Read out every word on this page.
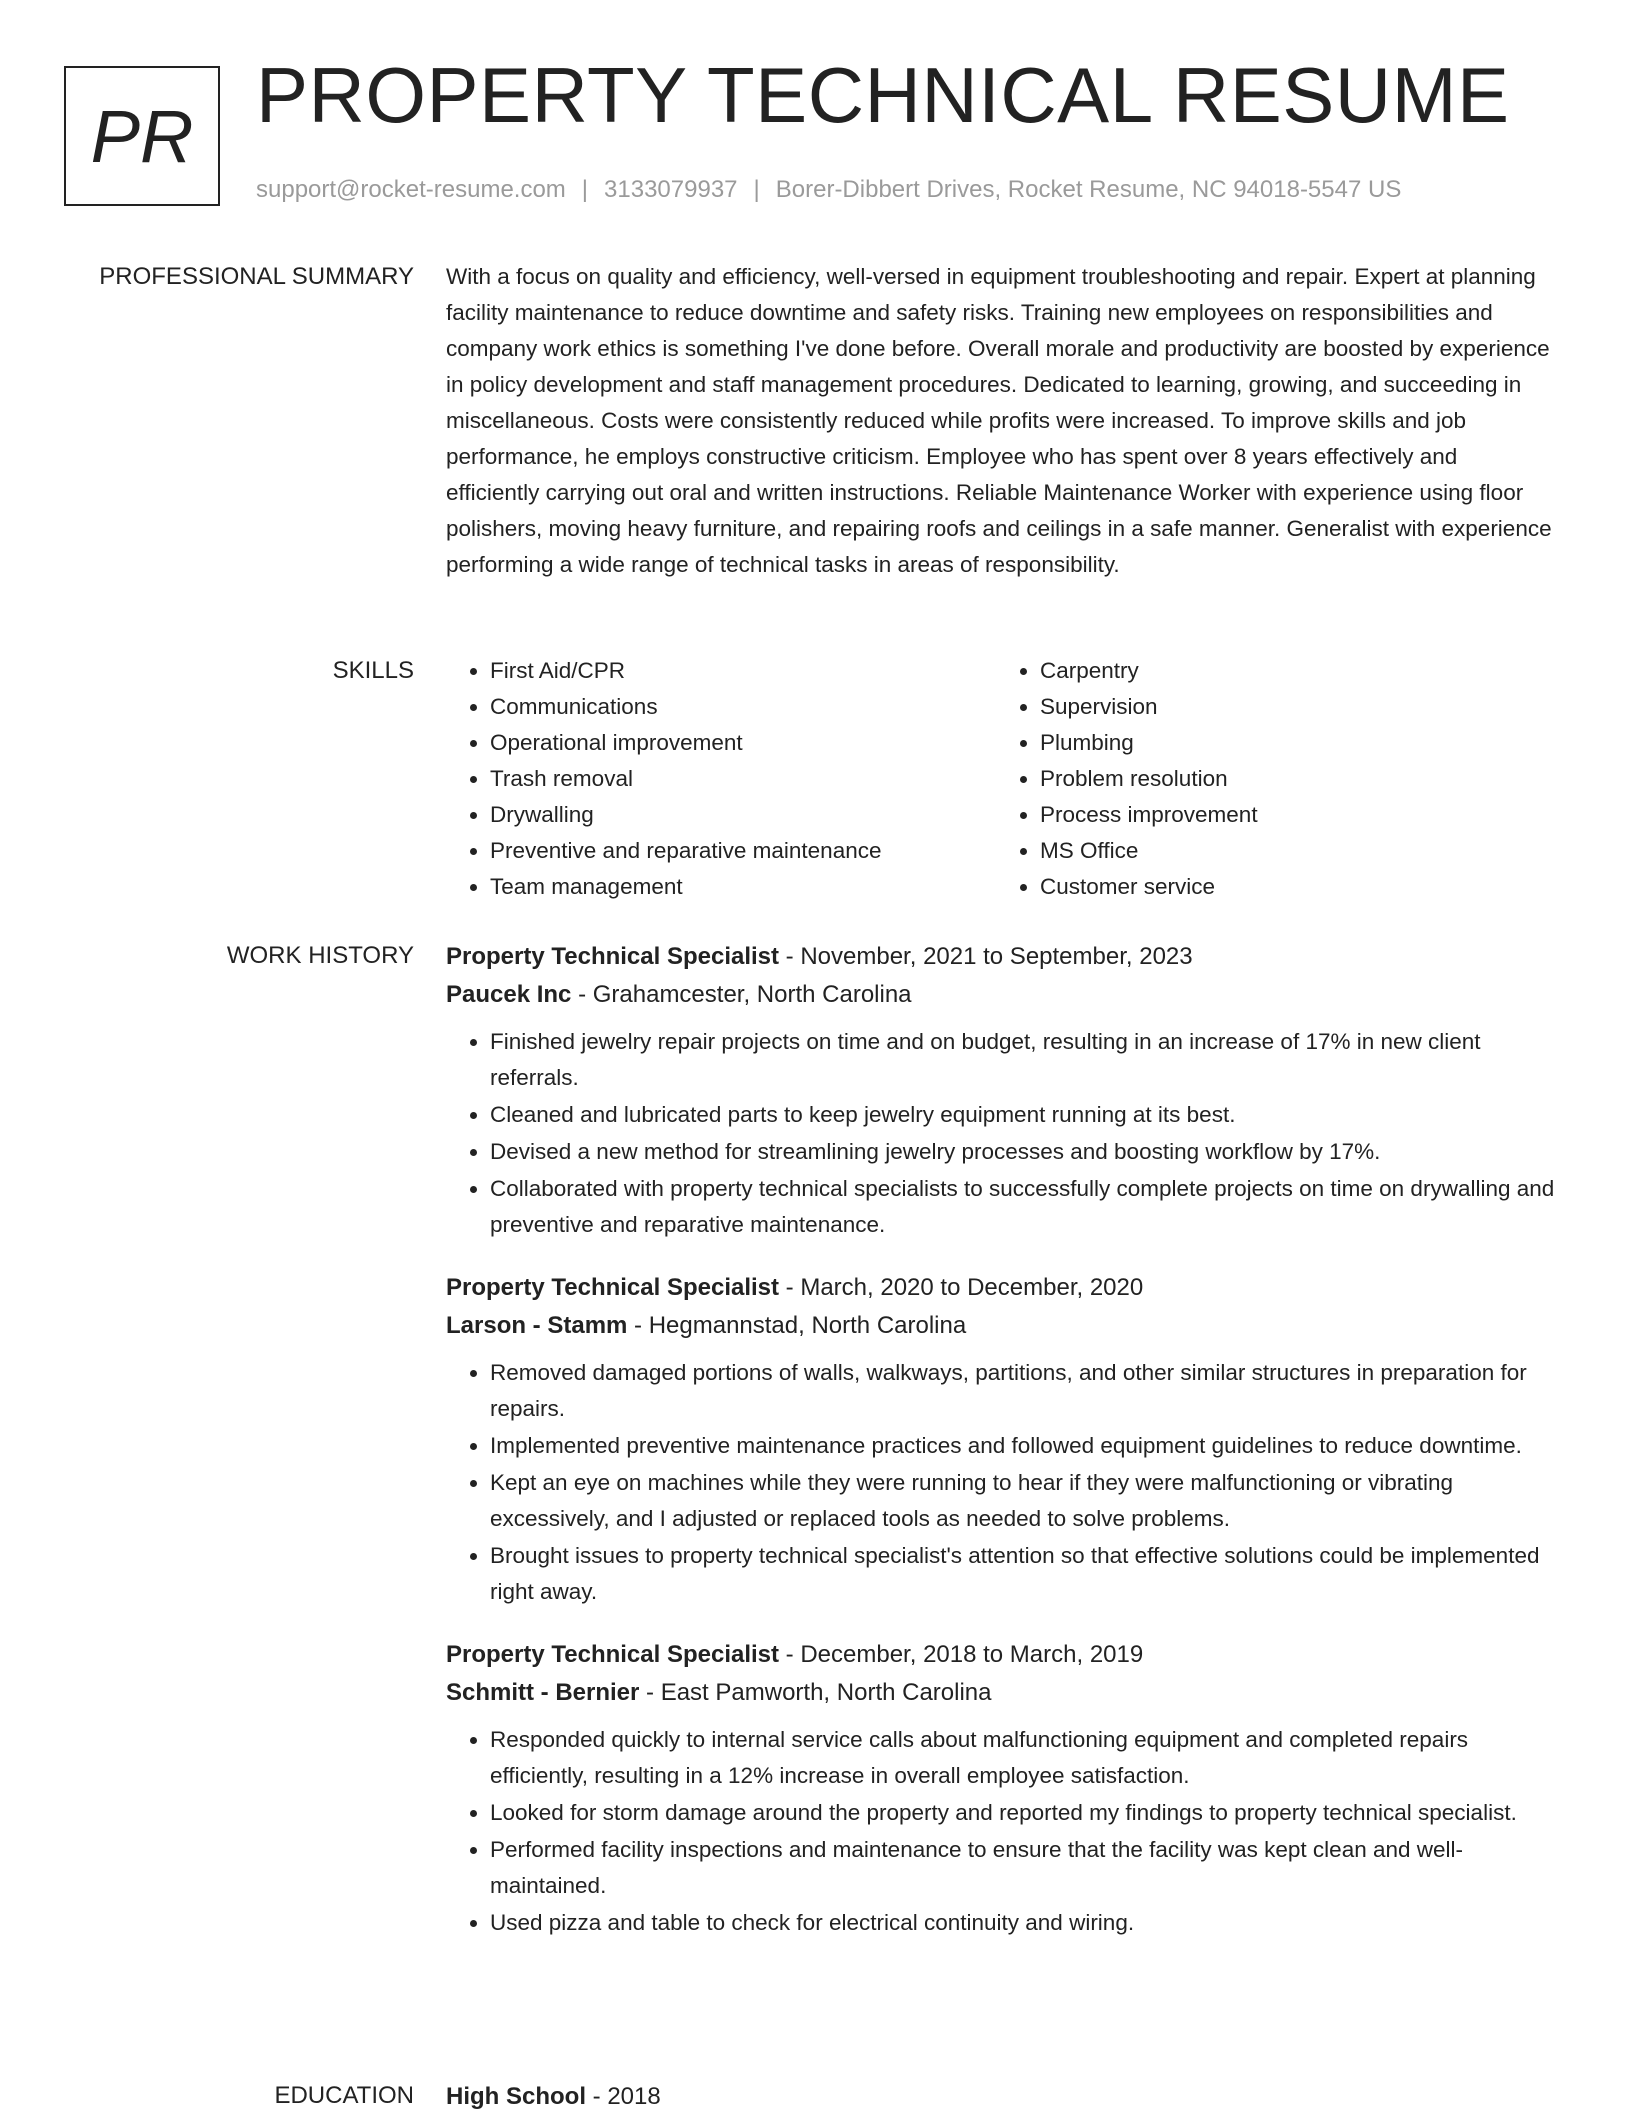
PR PROPERTY TECHNICAL RESUME
support@rocket-resume.com | 3133079937 | Borer-Dibbert Drives, Rocket Resume, NC 94018-5547 US
PROFESSIONAL SUMMARY With a focus on quality and efficiency, well-versed in equipment troubleshooting and repair. Expert at planning facility maintenance to reduce downtime and safety risks. Training new employees on responsibilities and company work ethics is something I've done before. Overall morale and productivity are boosted by experience in policy development and staff management procedures. Dedicated to learning, growing, and succeeding in miscellaneous. Costs were consistently reduced while profits were increased. To improve skills and job performance, he employs constructive criticism. Employee who has spent over 8 years effectively and efficiently carrying out oral and written instructions. Reliable Maintenance Worker with experience using floor polishers, moving heavy furniture, and repairing roofs and ceilings in a safe manner. Generalist with experience performing a wide range of technical tasks in areas of responsibility.

SKILLS
•	First Aid/CPR
• Communications
• Operational improvement
• Trash removal
• Drywalling
• Preventive and reparative maintenance
• Team management
• Carpentry
• Supervision
• Plumbing
• Problem resolution
• Process improvement
• MS Office
• Customer service
WORK HISTORY Property Technical Specialist - November, 2021 to September, 2023
Paucek Inc - Grahamcester, North Carolina
• Finished jewelry repair projects on time and on budget, resulting in an increase of 17% in new client referrals.
• Cleaned and lubricated parts to keep jewelry equipment running at its best.
• Devised a new method for streamlining jewelry processes and boosting workflow by 17%.
• Collaborated with property technical specialists to successfully complete projects on time on drywalling and preventive and reparative maintenance.
Property Technical Specialist - March, 2020 to December, 2020
Larson - Stamm - Hegmannstad, North Carolina
• Removed damaged portions of walls, walkways, partitions, and other similar structures in preparation for repairs.
• Implemented preventive maintenance practices and followed equipment guidelines to reduce downtime.
• Kept an eye on machines while they were running to hear if they were malfunctioning or vibrating excessively, and I adjusted or replaced tools as needed to solve problems.
• Brought issues to property technical specialist's attention so that effective solutions could be implemented right away.
Property Technical Specialist - December, 2018 to March, 2019
Schmitt - Bernier - East Pamworth, North Carolina
• Responded quickly to internal service calls about malfunctioning equipment and completed repairs efficiently, resulting in a 12% increase in overall employee satisfaction.
• Looked for storm damage around the property and reported my findings to property technical specialist.
• Performed facility inspections and maintenance to ensure that the facility was kept clean and well-maintained.
• Used pizza and table to check for electrical continuity and wiring.
EDUCATION High School - 2018
